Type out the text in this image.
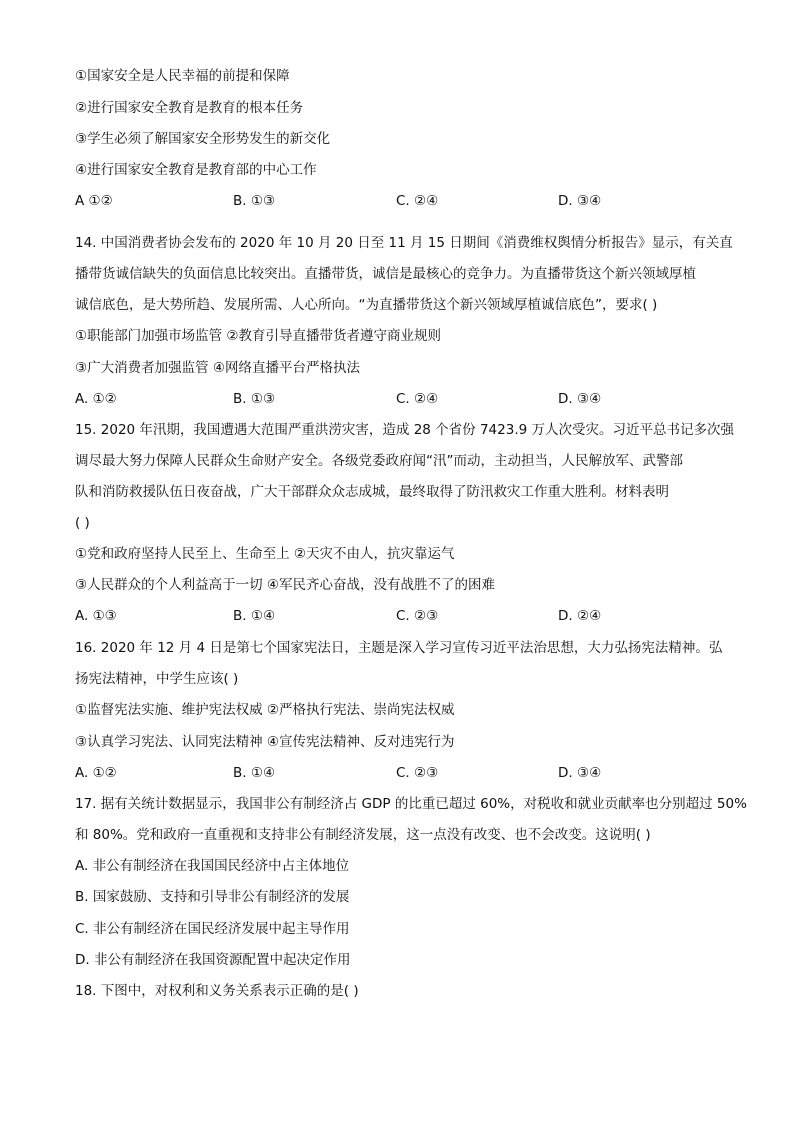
①国家安全是人民幸福的前提和保障
②进行国家安全教育是教育的根本任务
③学生必须了解国家安全形势发生的新交化
④进行国家安全教育是教育部的中心工作
A ①②	B. ①③	C. ②④	D. ③④
14. 中国消费者协会发布的 2020 年 10 月 20 日至 11 月 15 日期间《消费维权舆情分析报告》显示，有关直
播带货诚信缺失的负面信息比较突出。直播带货，诚信是最核心的竞争力。为直播带货这个新兴领域厚植
诚信底色，是大势所趋、发展所需、人心所向。“为直播带货这个新兴领域厚植诚信底色”，要求( )
①职能部门加强市场监管 ②教育引导直播带货者遵守商业规则
③广大消费者加强监管 ④网络直播平台严格执法
A. ①②	B. ①③	C. ②④	D. ③④
15. 2020 年汛期，我国遭遇大范围严重洪涝灾害，造成 28 个省份 7423.9 万人次受灾。习近平总书记多次强
调尽最大努力保障人民群众生命财产安全。各级党委政府闻“汛”而动，主动担当，人民解放军、武警部
队和消防救援队伍日夜奋战，广大干部群众众志成城，最终取得了防汛救灾工作重大胜利。材料表明
( )
①党和政府坚持人民至上、生命至上 ②天灾不由人，抗灾靠运气
③人民群众的个人利益高于一切 ④军民齐心奋战，没有战胜不了的困难
A. ①③	B. ①④	C. ②③	D. ②④
16. 2020 年 12 月 4 日是第七个国家宪法日，主题是深入学习宣传习近平法治思想，大力弘扬宪法精神。弘
扬宪法精神，中学生应该( )
①监督宪法实施、维护宪法权威 ②严格执行宪法、崇尚宪法权威
③认真学习宪法、认同宪法精神 ④宣传宪法精神、反对违宪行为
A. ①②	B. ①④	C. ②③	D. ③④
17. 据有关统计数据显示，我国非公有制经济占 GDP 的比重已超过 60%，对税收和就业贡献率也分别超过 50%
和 80%。党和政府一直重视和支持非公有制经济发展，这一点没有改变、也不会改变。这说明( )
A. 非公有制经济在我国国民经济中占主体地位
B. 国家鼓励、支持和引导非公有制经济的发展
C. 非公有制经济在国民经济发展中起主导作用
D. 非公有制经济在我国资源配置中起决定作用
18. 下图中，对权利和义务关系表示正确的是( )
